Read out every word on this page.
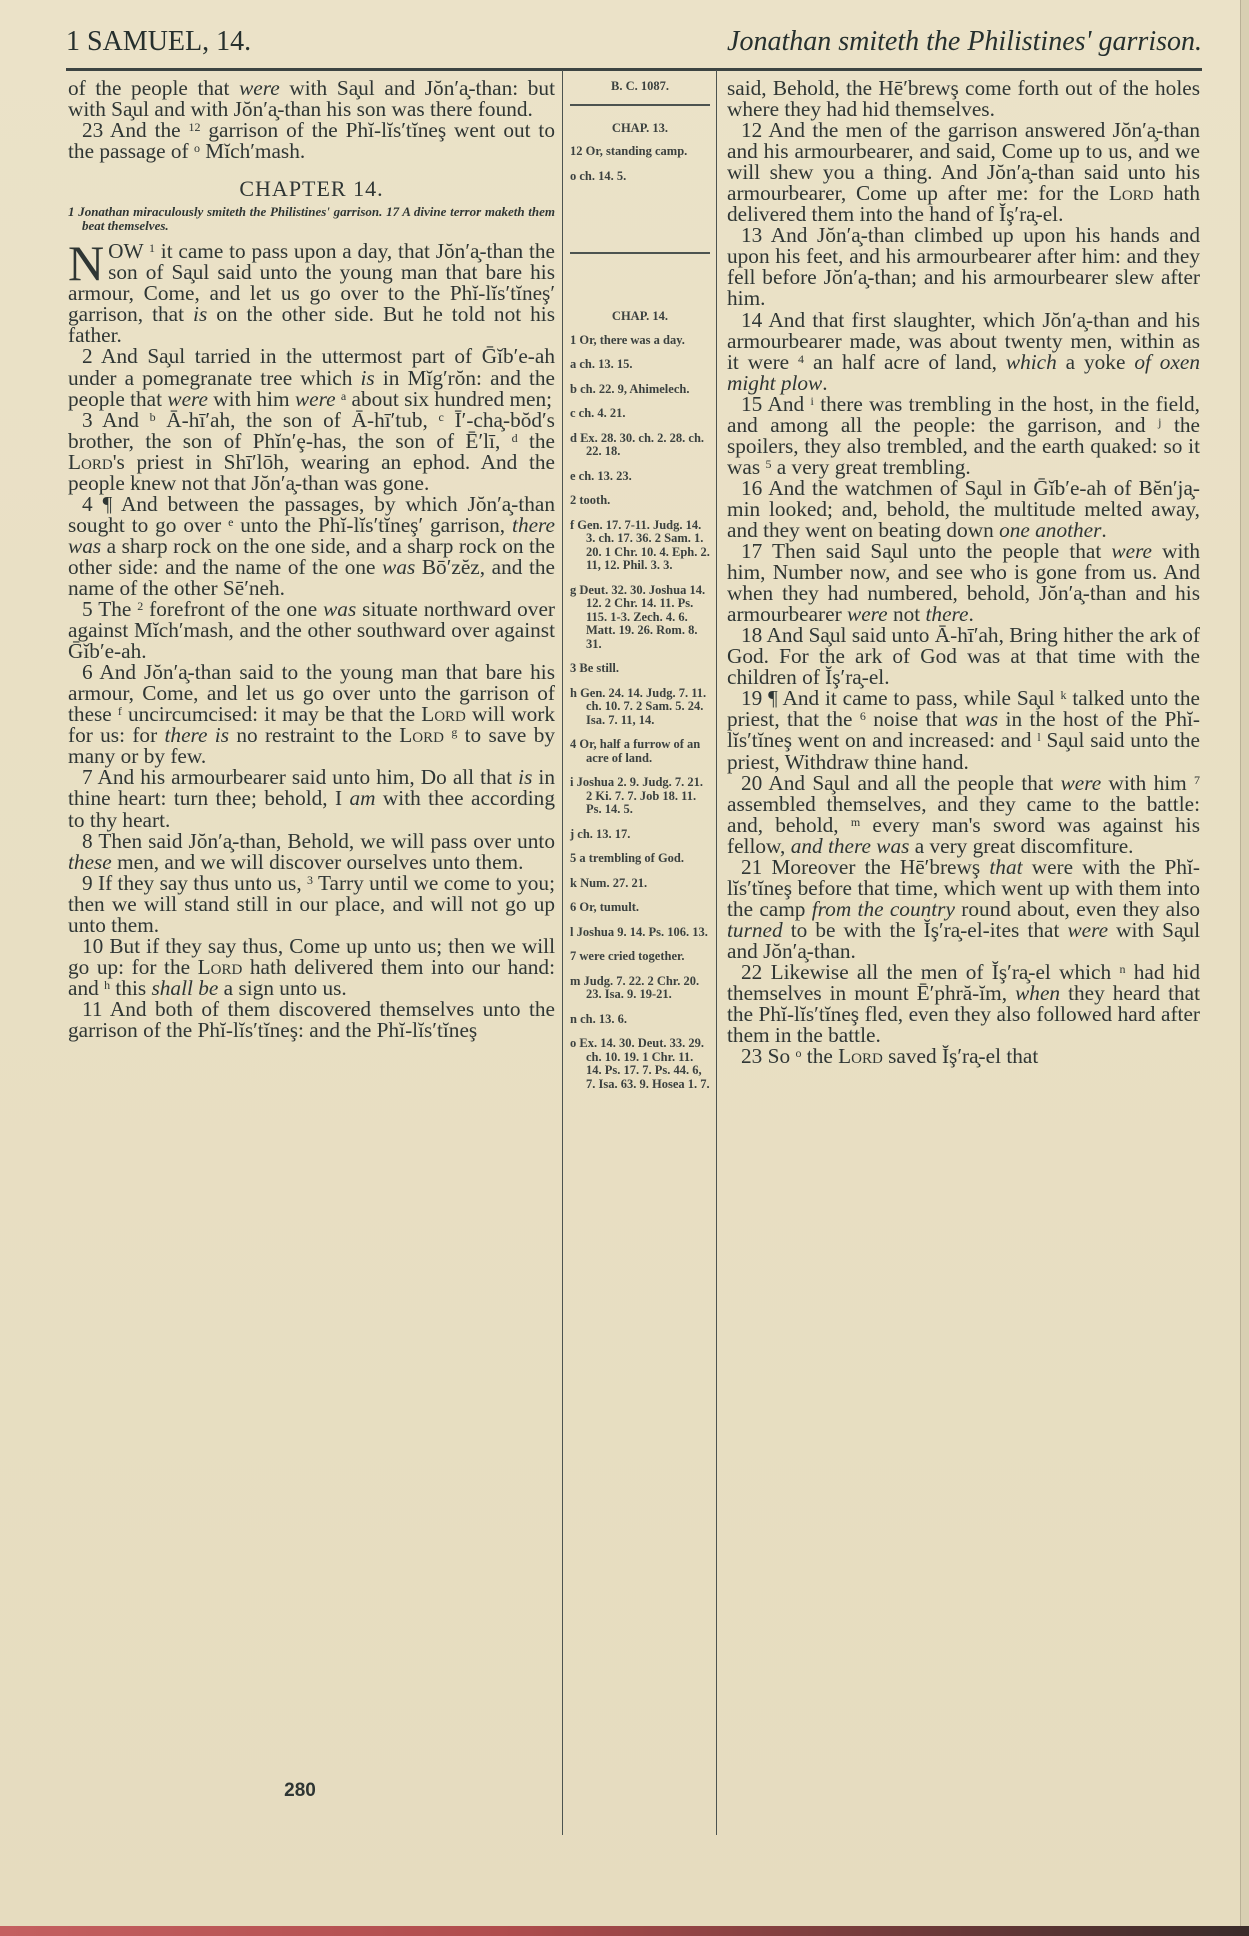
1 SAMUEL, 14.	Jonathan smiteth the Philistines' garrison.

of the people that were with Sa̧ul and Jŏn′a̧-than: but with Sa̧ul and with Jŏn′a̧-than his son was there found.

23 And the $^{12}$ garrison of the Phĭ-lĭs′tĭneş went out to the passage of $^o$ Mĭch′mash.

CHAPTER 14.

1 Jonathan miraculously smiteth the Philistines' garrison. 17 A divine terror maketh them beat themselves.

NOW $^1$ it came to pass upon a day, that Jŏn′a̧-than the son of Sa̧ul said unto the young man that bare his armour, Come, and let us go over to the Phĭ-lĭs′tĭneş′ garrison, that is on the other side. But he told not his father.

2 And Sa̧ul tarried in the uttermost part of Ḡĭb′e-ah under a pomegranate tree which is in Mĭg′rŏn: and the people that were with him were $^a$ about six hundred men;

3 And $^b$ Ā-hī′ah, the son of Ā-hī′tub, $^c$ Ī′-cha̧-bŏd′s brother, the son of Phĭn′ȩ-has, the son of Ē′lī, $^d$ the Lord's priest in Shī′lōh, wearing an ephod. And the people knew not that Jŏn′a̧-than was gone.

4 ¶ And between the passages, by which Jŏn′a̧-than sought to go over $^e$ unto the Phĭ-lĭs′tĭneş′ garrison, there was a sharp rock on the one side, and a sharp rock on the other side: and the name of the one was Bō′zĕz, and the name of the other Sē′neh.

5 The $^2$ forefront of the one was situate northward over against Mĭch′mash, and the other southward over against Ḡĭb′e-ah.

6 And Jŏn′a̧-than said to the young man that bare his armour, Come, and let us go over unto the garrison of these $^f$ uncircumcised: it may be that the Lord will work for us: for there is no restraint to the Lord $^g$ to save by many or by few.

7 And his armourbearer said unto him, Do all that is in thine heart: turn thee; behold, I am with thee according to thy heart.

8 Then said Jŏn′a̧-than, Behold, we will pass over unto these men, and we will discover ourselves unto them.

9 If they say thus unto us, $^3$ Tarry until we come to you; then we will stand still in our place, and will not go up unto them.

10 But if they say thus, Come up unto us; then we will go up: for the Lord hath delivered them into our hand: and $^h$ this shall be a sign unto us.

11 And both of them discovered themselves unto the garrison of the Phĭ-lĭs′tĭneş: and the Phĭ-lĭs′tĭneş

B. C. 1087.
CHAP. 13.
12 Or, standing camp.
o ch. 14. 5.
CHAP. 14.
1 Or, there was a day.
a ch. 13. 15.
b ch. 22. 9, Ahimelech.
c ch. 4. 21.
d Ex. 28. 30. ch. 2. 28. ch. 22. 18.
e ch. 13. 23.
2 tooth.
f Gen. 17. 7-11. Judg. 14. 3. ch. 17. 36. 2 Sam. 1. 20. 1 Chr. 10. 4. Eph. 2. 11, 12. Phil. 3. 3.
g Deut. 32. 30. Joshua 14. 12. 2 Chr. 14. 11. Ps. 115. 1-3. Zech. 4. 6. Matt. 19. 26. Rom. 8. 31.
3 Be still.
h Gen. 24. 14. Judg. 7. 11. ch. 10. 7. 2 Sam. 5. 24. Isa. 7. 11, 14.
4 Or, half a furrow of an acre of land.
i Joshua 2. 9. Judg. 7. 21. 2 Ki. 7. 7. Job 18. 11. Ps. 14. 5.
j ch. 13. 17.
5 a trembling of God.
k Num. 27. 21.
6 Or, tumult.
l Joshua 9. 14. Ps. 106. 13.
7 were cried together.
m Judg. 7. 22. 2 Chr. 20. 23. Isa. 9. 19-21.
n ch. 13. 6.
o Ex. 14. 30. Deut. 33. 29. ch. 10. 19. 1 Chr. 11. 14. Ps. 17. 7. Ps. 44. 6, 7. Isa. 63. 9. Hosea 1. 7.

said, Behold, the Hē′brewş come forth out of the holes where they had hid themselves.

12 And the men of the garrison answered Jŏn′a̧-than and his armourbearer, and said, Come up to us, and we will shew you a thing. And Jŏn′a̧-than said unto his armourbearer, Come up after me: for the Lord hath delivered them into the hand of Ĭş′ra̧-el.

13 And Jŏn′a̧-than climbed up upon his hands and upon his feet, and his armourbearer after him: and they fell before Jŏn′a̧-than; and his armourbearer slew after him.

14 And that first slaughter, which Jŏn′a̧-than and his armourbearer made, was about twenty men, within as it were $^4$ an half acre of land, which a yoke of oxen might plow.

15 And $^i$ there was trembling in the host, in the field, and among all the people: the garrison, and $^j$ the spoilers, they also trembled, and the earth quaked: so it was $^5$ a very great trembling.

16 And the watchmen of Sa̧ul in Ḡĭb′e-ah of Bĕn′ja̧-min looked; and, behold, the multitude melted away, and they went on beating down one another.

17 Then said Sa̧ul unto the people that were with him, Number now, and see who is gone from us. And when they had numbered, behold, Jŏn′a̧-than and his armourbearer were not there.

18 And Sa̧ul said unto Ā-hī′ah, Bring hither the ark of God. For the ark of God was at that time with the children of Ĭş′ra̧-el.

19 ¶ And it came to pass, while Sa̧ul $^k$ talked unto the priest, that the $^6$ noise that was in the host of the Phĭ-lĭs′tĭneş went on and increased: and $^l$ Sa̧ul said unto the priest, Withdraw thine hand.

20 And Sa̧ul and all the people that were with him $^7$ assembled themselves, and they came to the battle: and, behold, $^m$ every man's sword was against his fellow, and there was a very great discomfiture.

21 Moreover the Hē′brewş that were with the Phĭ-lĭs′tĭneş before that time, which went up with them into the camp from the country round about, even they also turned to be with the Ĭş′ra̧-el-ites that were with Sa̧ul and Jŏn′a̧-than.

22 Likewise all the men of Ĭş′ra̧-el which $^n$ had hid themselves in mount Ē′phră-ĭm, when they heard that the Phĭ-lĭs′tĭneş fled, even they also followed hard after them in the battle.

23 So $^o$ the Lord saved Ĭş′ra̧-el that

280
